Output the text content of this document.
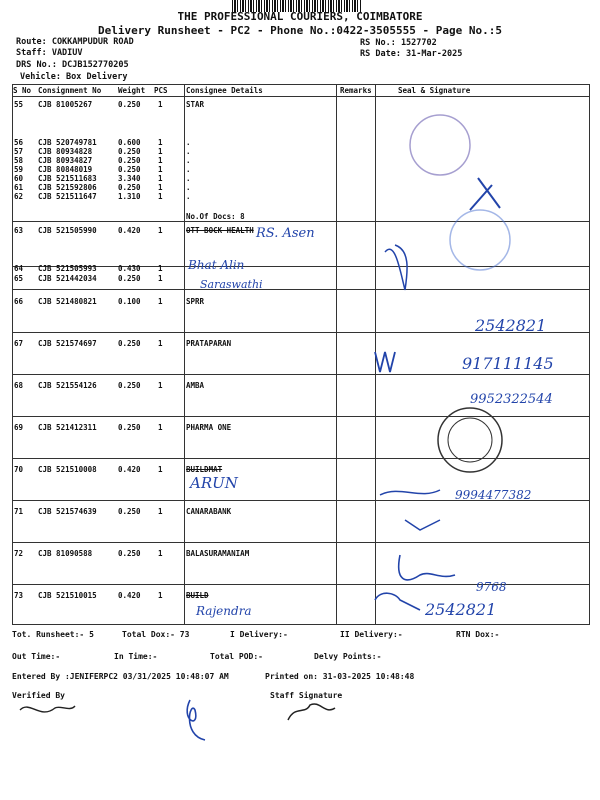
THE PROFESSIONAL COURIERS, COIMBATORE
Delivery Runsheet - PC2 - Phone No.:0422-3505555 - Page No.:5
Route: COKKAMPUDUR ROAD
Staff: VADIUV
DRS No.: DCJB152770205
Vehicle: Box Delivery
RS No.: 1527702
RS Date: 31-Mar-2025
S No Consignment No Weight PCS Consignee Details	Remarks	Seal & Signature
55 CJB 81005267	0.250 1	STAR
56 CJB 520749781	0.600 1	.
57 CJB 80934828	0.250 1	.
58 CJB 80934827	0.250 1	.
59 CJB 80848019	0.250 1	.
60 CJB 521511683	3.340 1	.
61 CJB 521592806	0.250 1	.
62 CJB 521511647	1.310 1	.
63 CJB 521505990	0.420 1	OTT BOCK HEALTH
64 CJB 521505993	0.430 1
65 CJB 521442034	0.250 1
66 CJB 521480821	0.100 1	SPRR
67 CJB 521574697	0.250 1	PRATAPARAN
68 CJB 521554126	0.250 1	AMBA
69 CJB 521412311	0.250 1	PHARMA ONE
70 CJB 521510008	0.420 1	BUILDMAT
71 CJB 521574639	0.250 1	CANARABANK
72 CJB 81090588	0.250 1	BALASURAMANIAM
73 CJB 521510015	0.420 1	BUILD
No.Of Docs: 8
RS. Asen
Bhat Alin
Saraswathi
2542821
917111145
9952322544
ARUN
9994477382
2542821
9768
Rajendra
Tot. Runsheet:- 5	Total Dox:- 73	I Delivery:-	II Delivery:-	RTN Dox:-
Out Time:-	In Time:-	Total POD:-	Delvy Points:-
Entered By :JENIFERPC2 03/31/2025 10:48:07 AM	Printed on: 31-03-2025 10:48:48
Verified By	Staff Signature
